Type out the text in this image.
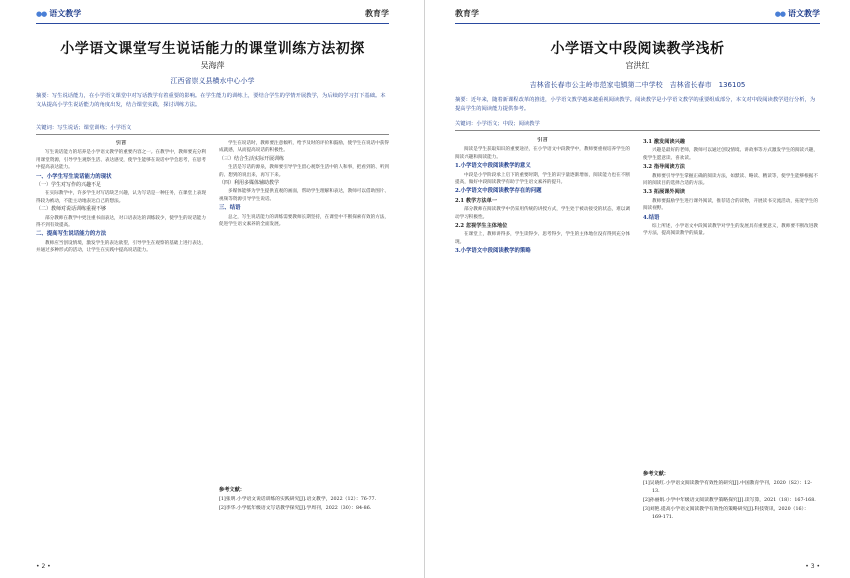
●● 语文教学	教育学
小学语文课堂写生说话能力的课堂训练方法初探
吴海萍
江西省崇义县横水中心小学
摘要：写生说话能力，在小学语文课堂中对写话教学有着重要的影响。在学生能力的训练上，要结合学生的学情开展教学，为后续的学习打下基础。本文从提高小学生说话能力的角度出发，结合课堂实践，探讨训练方法。
关键词：写生说话；课堂训练；小学语文
引言
写生说话能力的培养是小学语文教学的重要内容之一。在教学中，教师要充分利用课堂资源，引导学生观察生活、表达感受，使学生能够在说话中学会思考，在思考中提高表达能力。
一、小学生写生说话能力的现状
（一）学生对写作的兴趣不足
在实际教学中，许多学生对写话缺乏兴趣，认为写话是一种任务，在课堂上表现得较为被动，不能主动地表达自己的想法。
（二）教师对说话训练重视不够
部分教师在教学中更注重书面表达，对口语表达的训练较少，使学生的说话能力得不到有效提高。
二、提高写生说话能力的方法
教师应当创设情境，激发学生的表达欲望，引导学生在观察的基础上进行表达，并通过多种形式的活动，让学生在实践中提高说话能力。
学生在说话时，教师要注意倾听，给予及时的评价和鼓励，使学生在说话中获得成就感，从而提高说话的积极性。
（三）结合生活实际开展训练
生活是写话的源泉，教师要引导学生留心观察生活中的人和事，把看到的、听到的、想到的说出来，再写下来。
（四）利用多媒体辅助教学
多媒体能够为学生提供直观的画面，帮助学生理解和表达，教师可以借助图片、视频等资源引导学生说话。
三、结语
总之，写生说话能力的训练需要教师长期坚持，在课堂中不断探索有效的方法，促进学生语文素养的全面发展。
参考文献：
[1]张明.小学语文说话训练的实践研究[J].语文教学，2022（12）：76-77.
[2]李华.小学低年级语文写话教学探究[J].学周刊，2022（30）：84-86.
• 2 •
教育学	●● 语文教学
小学语文中段阅读教学浅析
宫洪红
吉林省长春市公主岭市范家屯镇第二中学校　吉林省长春市　136105
摘要：近年来，随着新课程改革的推进，小学语文教学越来越重视阅读教学。阅读教学是小学语文教学的重要组成部分，本文对中段阅读教学进行分析，为提高学生的阅读能力提供参考。
关键词：小学语文；中段；阅读教学
引言
阅读是学生获取知识的重要途径，在小学语文中段教学中，教师要重视培养学生的阅读兴趣和阅读能力。
1.小学语文中段阅读教学的意义
中段是小学阶段承上启下的重要时期，学生的识字量逐渐增加，阅读能力也在不断提高，做好中段阅读教学有助于学生语文素养的提升。
2.小学语文中段阅读教学存在的问题
2.1 教学方法单一
部分教师在阅读教学中仍采用传统的讲授方式，学生处于被动接受的状态，难以调动学习积极性。
2.2 忽视学生主体地位
在课堂上，教师讲得多，学生读得少、思考得少，学生的主体地位没有得到充分体现。
3.小学语文中段阅读教学的策略
3.1 激发阅读兴趣
兴趣是最好的老师，教师可以通过创设情境、讲故事等方式激发学生的阅读兴趣，使学生愿意读、喜欢读。
3.2 指导阅读方法
教师要引导学生掌握正确的阅读方法，如默读、略读、精读等，使学生能够根据不同的阅读目的选择合适的方法。
3.3 拓展课外阅读
教师要鼓励学生进行课外阅读，推荐适合的读物，开展读书交流活动，拓宽学生的阅读视野。
4.结语
综上所述，小学语文中段阅读教学对学生的发展具有重要意义，教师要不断改进教学方法，提高阅读教学的质量。
参考文献：
[1]吴晓红.小学语文阅读教学有效性的研究[J].中国教育学刊，2020（S2）：12-13.
[2]孙丽娟.小学中年级语文阅读教学策略探究[J].读写算，2021（18）：167-168.
[3]刘艳.提高小学语文阅读教学有效性的策略研究[J].科技资讯，2020（16）：169-171.
• 3 •
